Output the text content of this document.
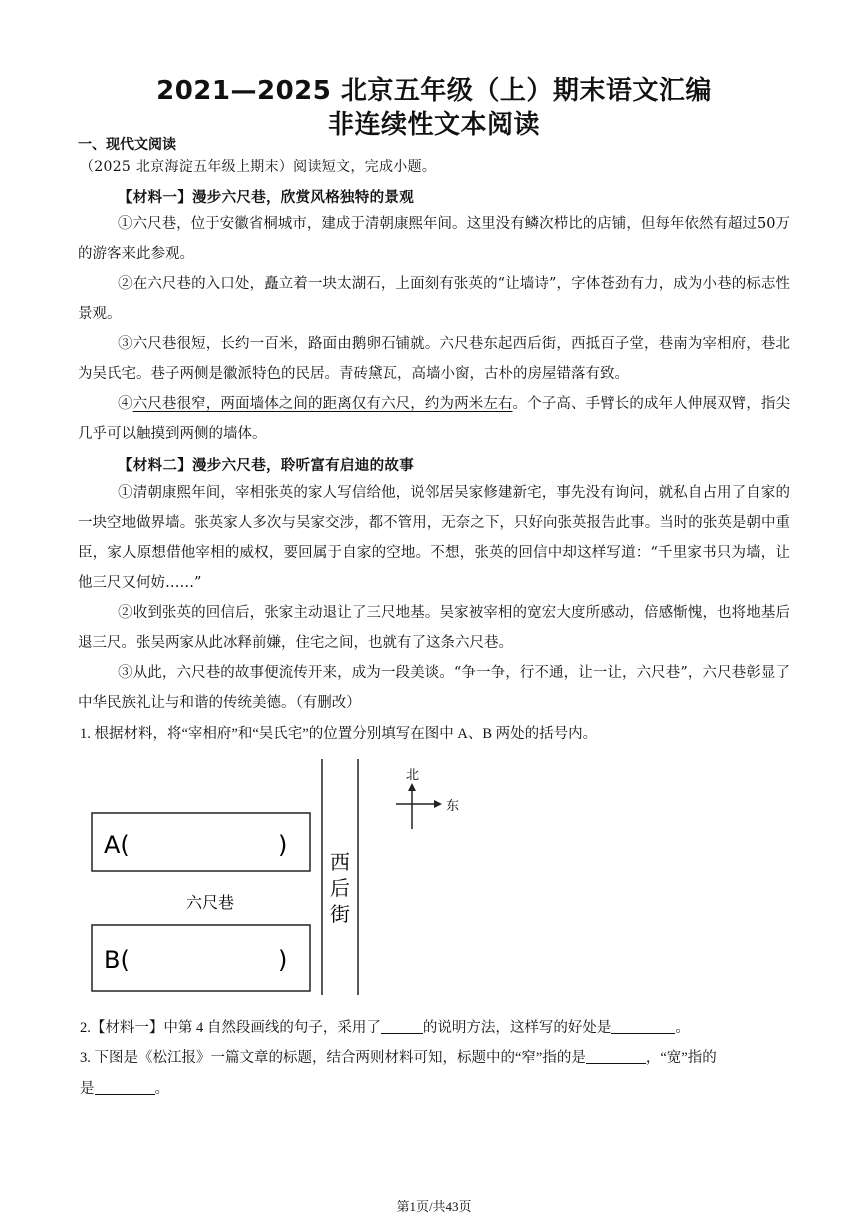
2021—2025 北京五年级（上）期末语文汇编
非连续性文本阅读
一、现代文阅读
（2025 北京海淀五年级上期末）阅读短文，完成小题。
【材料一】漫步六尺巷，欣赏风格独特的景观
①六尺巷，位于安徽省桐城市，建成于清朝康熙年间。这里没有鳞次栉比的店铺，但每年依然有超过50万的游客来此参观。
②在六尺巷的入口处，矗立着一块太湖石，上面刻有张英的“让墙诗”，字体苍劲有力，成为小巷的标志性景观。
③六尺巷很短，长约一百米，路面由鹅卵石铺就。六尺巷东起西后街，西抵百子堂，巷南为宰相府，巷北为吴氏宅。巷子两侧是徽派特色的民居。青砖黛瓦，高墙小窗，古朴的房屋错落有致。
④六尺巷很窄，两面墙体之间的距离仅有六尺，约为两米左右。个子高、手臂长的成年人伸展双臂，指尖几乎可以触摸到两侧的墙体。
【材料二】漫步六尺巷，聆听富有启迪的故事
①清朝康熙年间，宰相张英的家人写信给他，说邻居吴家修建新宅，事先没有询问，就私自占用了自家的一块空地做界墙。张英家人多次与吴家交涉，都不管用，无奈之下，只好向张英报告此事。当时的张英是朝中重臣，家人原想借他宰相的威权，要回属于自家的空地。不想，张英的回信中却这样写道：“千里家书只为墙，让他三尺又何妨……”
②收到张英的回信后，张家主动退让了三尺地基。吴家被宰相的宽宏大度所感动，倍感惭愧，也将地基后退三尺。张吴两家从此冰释前嫌，住宅之间，也就有了这条六尺巷。
③从此，六尺巷的故事便流传开来，成为一段美谈。“争一争，行不通，让一让，六尺巷”，六尺巷彰显了中华民族礼让与和谐的传统美德。（有删改）
1. 根据材料，将“宰相府”和“吴氏宅”的位置分别填写在图中 A、B 两处的括号内。
A(	)
六尺巷
B(	)
西
后
街
北
东
2.【材料一】中第 4 自然段画线的句子，采用了	的说明方法，这样写的好处是	。
3. 下图是《松江报》一篇文章的标题，结合两则材料可知，标题中的“窄”指的是	，“宽”指的
是	。
第1页/共43页
